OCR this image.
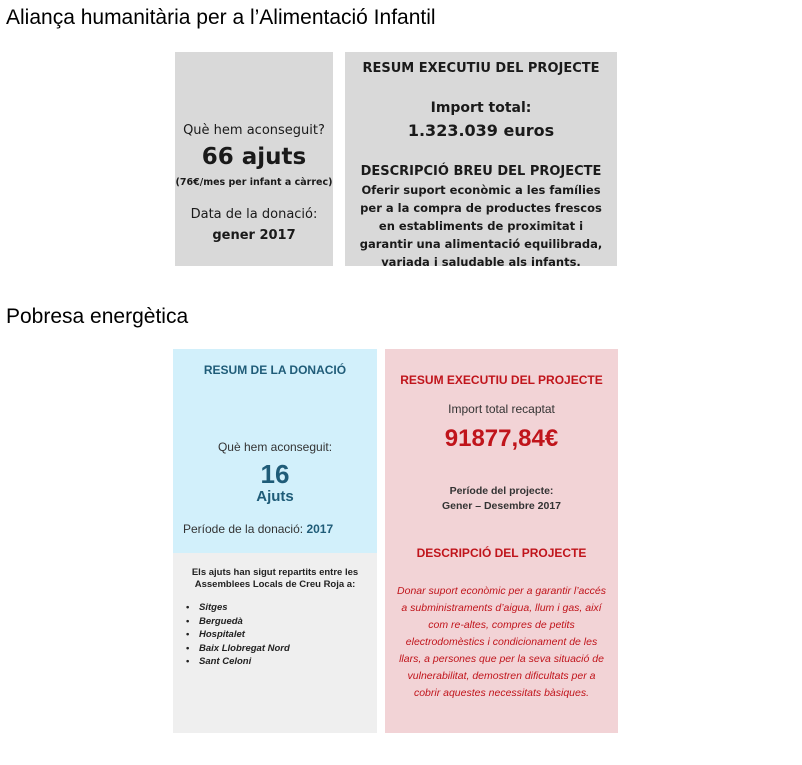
Aliança humanitària per a l’Alimentació Infantil
Què hem aconseguit?
66 ajuts
(76€/mes per infant a càrrec)
Data de la donació:
gener 2017
RESUM EXECUTIU DEL PROJECTE
Import total:
1.323.039 euros
DESCRIPCIÓ BREU DEL PROJECTE
Oferir suport econòmic a les famílies per a la compra de productes frescos en establiments de proximitat i garantir una alimentació equilibrada, variada i saludable als infants.
Pobresa energètica
RESUM DE LA DONACIÓ
Què hem aconseguit:
16
Ajuts
Període de la donació: 2017
Els ajuts han sigut repartits entre les Assemblees Locals de Creu Roja a:
• Sitges
• Berguedà
• Hospitalet
• Baix Llobregat Nord
• Sant Celoni
RESUM EXECUTIU DEL PROJECTE
Import total recaptat
91877,84€
Període del projecte:
Gener – Desembre 2017
DESCRIPCIÓ DEL PROJECTE
Donar suport econòmic per a garantir l’accés a subministraments d’aigua, llum i gas, així com re-altes, compres de petits electrodomèstics i condicionament de les llars, a persones que per la seva situació de vulnerabilitat, demostren dificultats per a cobrir aquestes necessitats bàsiques.
